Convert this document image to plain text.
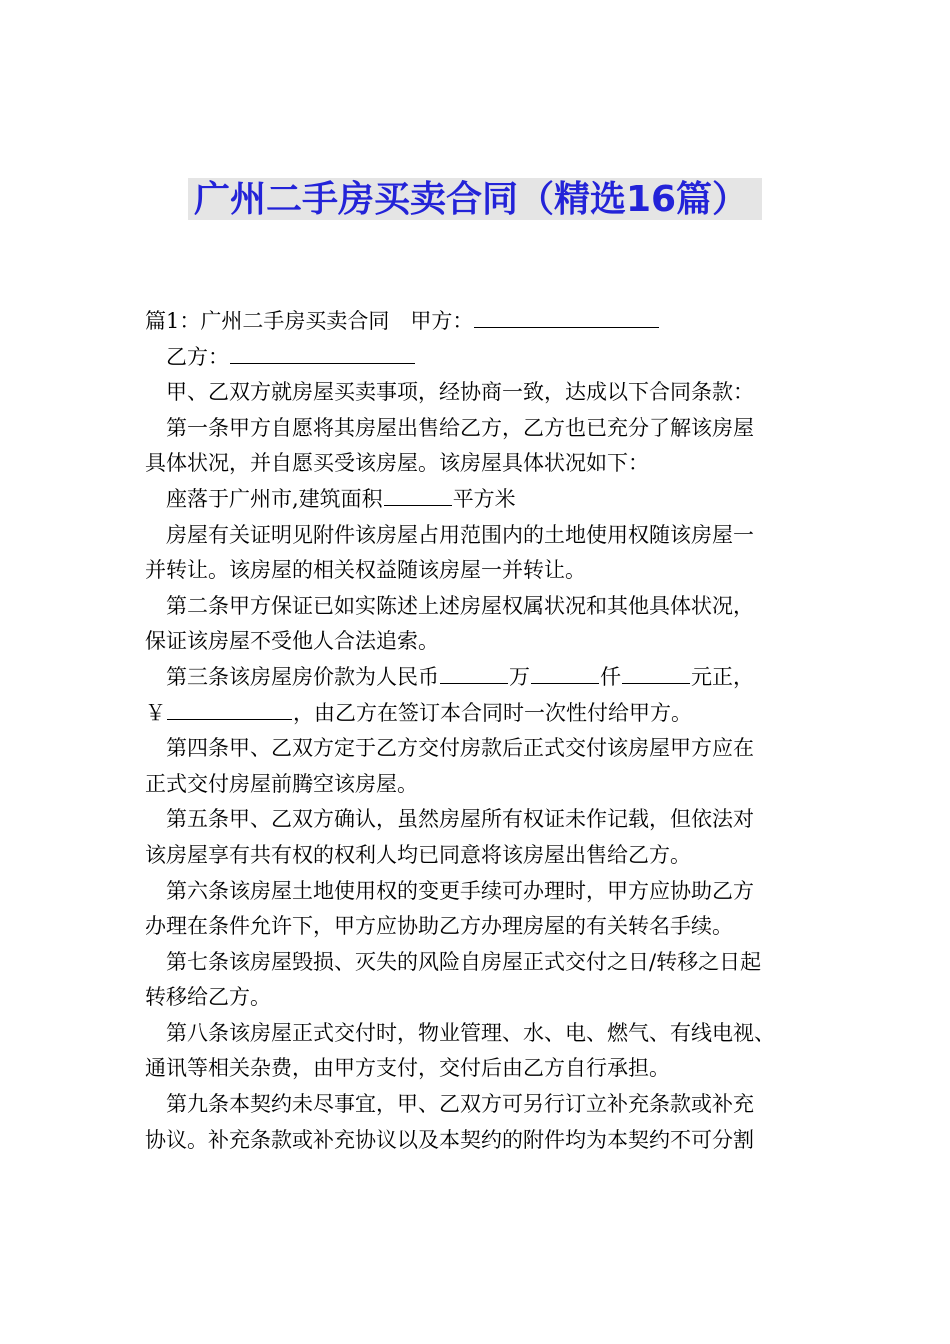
广州二手房买卖合同（精选16篇）

篇1：广州二手房买卖合同　甲方：

乙方：

甲、乙双方就房屋买卖事项，经协商一致，达成以下合同条款：

第一条甲方自愿将其房屋出售给乙方，乙方也已充分了解该房屋

具体状况，并自愿买受该房屋。该房屋具体状况如下：

座落于广州市,建筑面积	平方米

房屋有关证明见附件该房屋占用范围内的土地使用权随该房屋一

并转让。该房屋的相关权益随该房屋一并转让。

第二条甲方保证已如实陈述上述房屋权属状况和其他具体状况，

保证该房屋不受他人合法追索。

第三条该房屋房价款为人民币	万	仟	元正，

￥	，由乙方在签订本合同时一次性付给甲方。

第四条甲、乙双方定于乙方交付房款后正式交付该房屋甲方应在

正式交付房屋前腾空该房屋。

第五条甲、乙双方确认，虽然房屋所有权证未作记载，但依法对

该房屋享有共有权的权利人均已同意将该房屋出售给乙方。

第六条该房屋土地使用权的变更手续可办理时，甲方应协助乙方

办理在条件允许下，甲方应协助乙方办理房屋的有关转名手续。

第七条该房屋毁损、灭失的风险自房屋正式交付之日/转移之日起

转移给乙方。

第八条该房屋正式交付时，物业管理、水、电、燃气、有线电视、

通讯等相关杂费，由甲方支付，交付后由乙方自行承担。

第九条本契约未尽事宜，甲、乙双方可另行订立补充条款或补充

协议。补充条款或补充协议以及本契约的附件均为本契约不可分割
